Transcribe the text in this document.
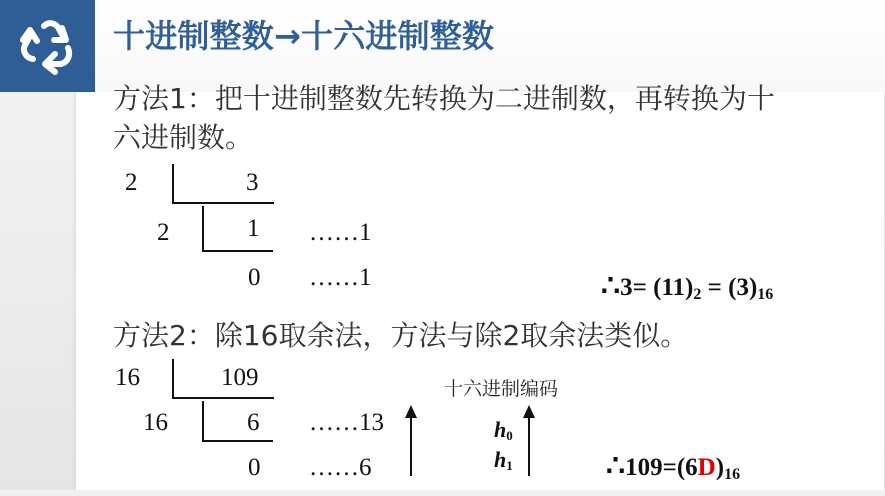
十进制整数→十六进制整数

方法1：把十进制整数先转换为二进制数，再转换为十

六进制数。

2	3

2	1 ……1

0 ……1	∴3= $(11)_2 = (3)_{16}$

方法2：除16取余法，方法与除2取余法类似。

16	109

16	6 ……13

0 ……6

十六进制编码

$h_0$

$h_1$	$\therefore 109=(6D)_{16}$
